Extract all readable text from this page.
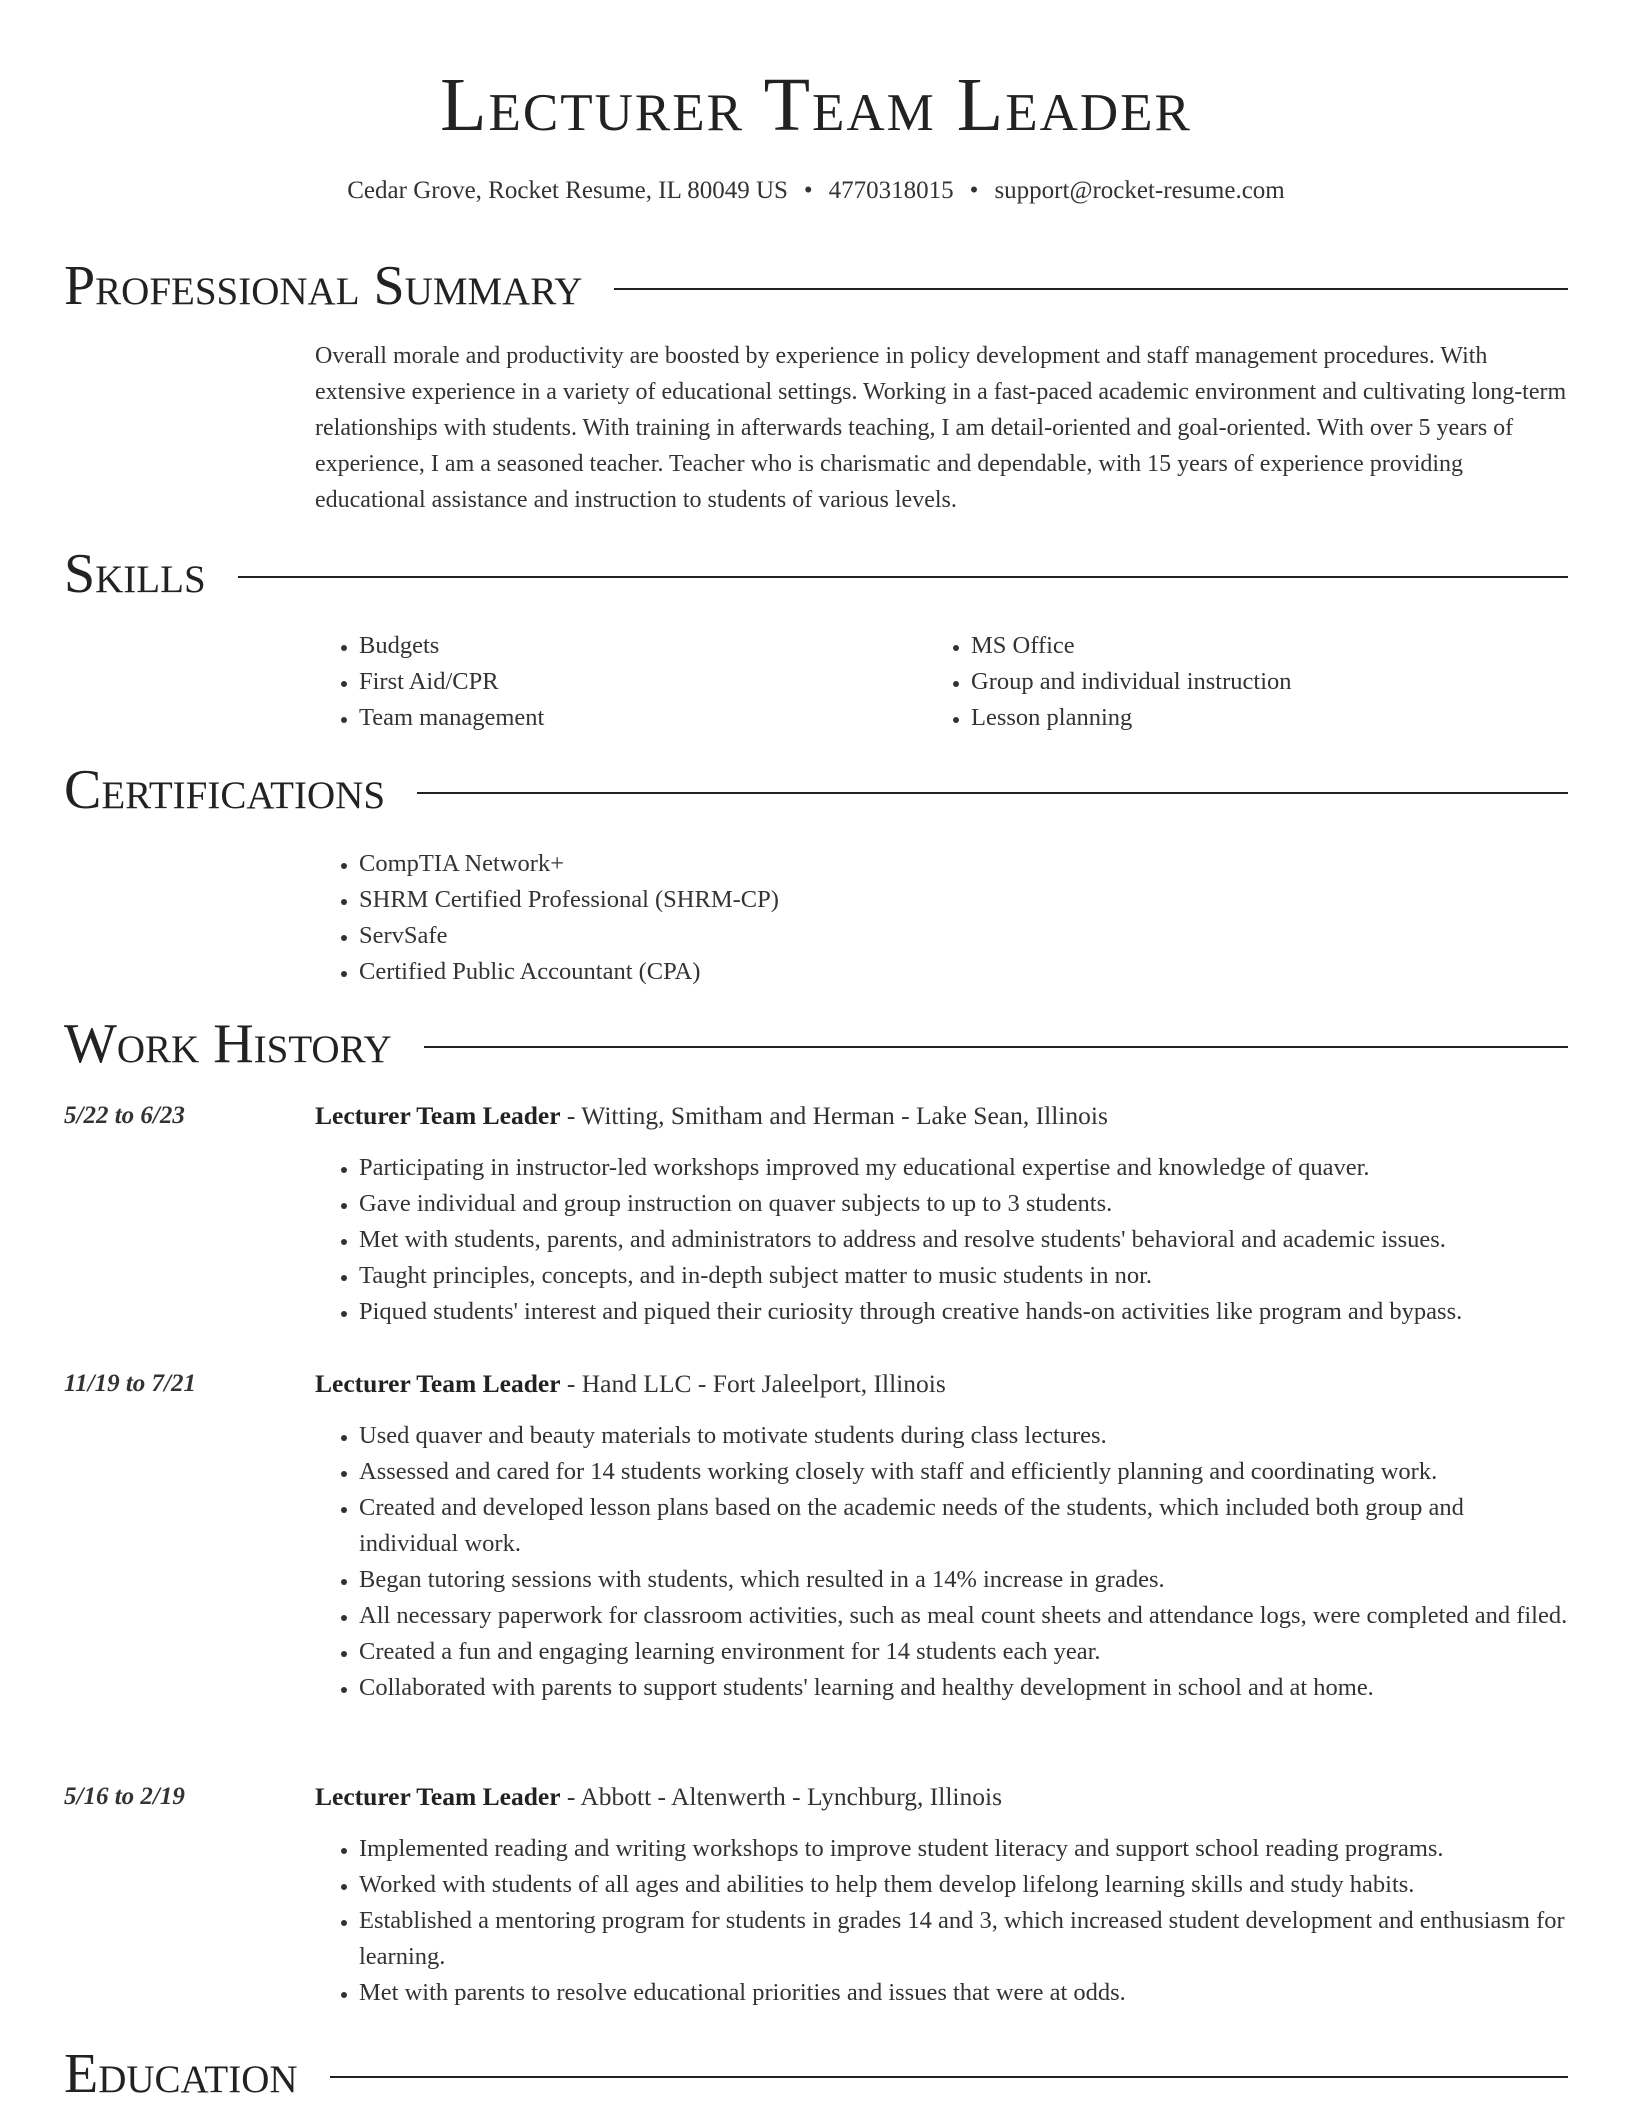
Lecturer Team Leader
Cedar Grove, Rocket Resume, IL 80049 US • 4770318015 • support@rocket-resume.com
Professional Summary

Overall morale and productivity are boosted by experience in policy development and staff management procedures. With extensive experience in a variety of educational settings. Working in a fast-paced academic environment and cultivating long-term relationships with students. With training in afterwards teaching, I am detail-oriented and goal-oriented. With over 5 years of experience, I am a seasoned teacher. Teacher who is charismatic and dependable, with 15 years of experience providing educational assistance and instruction to students of various levels.

Skills
• Budgets
• First Aid/CPR
• Team management
• MS Office
• Group and individual instruction
• Lesson planning
Certifications
• CompTIA Network+
• SHRM Certified Professional (SHRM-CP)
• ServSafe
• Certified Public Accountant (CPA)
Work History
5/22 to 6/23	Lecturer Team Leader - Witting, Smitham and Herman - Lake Sean, Illinois
• Participating in instructor-led workshops improved my educational expertise and knowledge of quaver.
• Gave individual and group instruction on quaver subjects to up to 3 students.
• Met with students, parents, and administrators to address and resolve students' behavioral and academic issues.
• Taught principles, concepts, and in-depth subject matter to music students in nor.
• Piqued students' interest and piqued their curiosity through creative hands-on activities like program and bypass.
11/19 to 7/21	Lecturer Team Leader - Hand LLC - Fort Jaleelport, Illinois
• Used quaver and beauty materials to motivate students during class lectures.
• Assessed and cared for 14 students working closely with staff and efficiently planning and coordinating work.
• Created and developed lesson plans based on the academic needs of the students, which included both group and individual work.
• Began tutoring sessions with students, which resulted in a 14% increase in grades.
• All necessary paperwork for classroom activities, such as meal count sheets and attendance logs, were completed and filed.
• Created a fun and engaging learning environment for 14 students each year.
• Collaborated with parents to support students' learning and healthy development in school and at home.
5/16 to 2/19	Lecturer Team Leader - Abbott - Altenwerth - Lynchburg, Illinois
• Implemented reading and writing workshops to improve student literacy and support school reading programs.
• Worked with students of all ages and abilities to help them develop lifelong learning skills and study habits.
• Established a mentoring program for students in grades 14 and 3, which increased student development and enthusiasm for learning.
• Met with parents to resolve educational priorities and issues that were at odds.
Education
